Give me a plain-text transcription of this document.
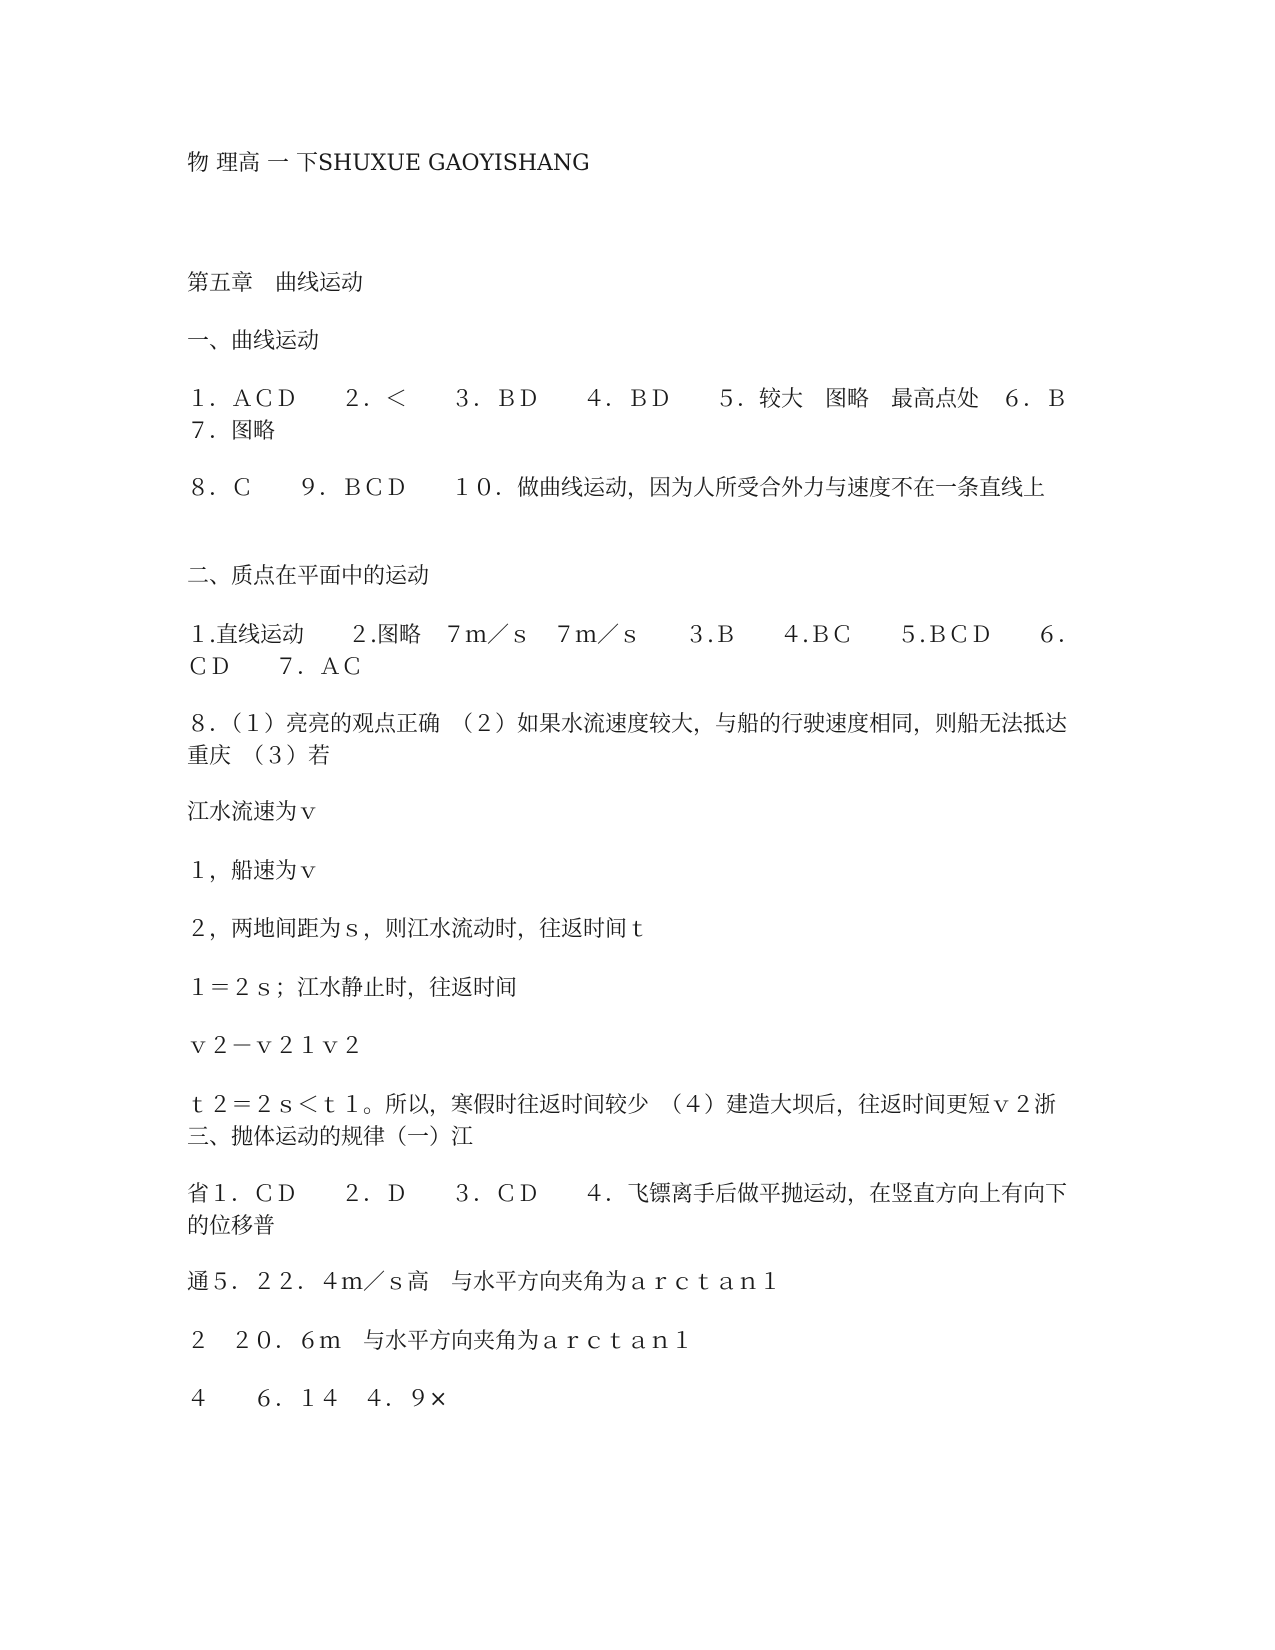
物 理高 一 下SHUXUE GAOYISHANG
第五章　曲线运动
一、曲线运动
１．ＡＣＤ　　２．＜　　３．ＢＤ　　４．ＢＤ　　５．较大　图略　最高点处　６．Ｂ　　７．图略
８．Ｃ　　９．ＢＣＤ　　１０．做曲线运动，因为人所受合外力与速度不在一条直线上
二、质点在平面中的运动
１.直线运动　　２.图略　７ｍ／ｓ　７ｍ／ｓ　　３.Ｂ　　４.ＢＣ　　５.ＢＣＤ　　６．ＣＤ　　７．ＡＣ
８．（１）亮亮的观点正确　（２）如果水流速度较大，与船的行驶速度相同，则船无法抵达重庆　（３）若
江水流速为ｖ
１，船速为ｖ
２，两地间距为ｓ，则江水流动时，往返时间ｔ
１＝２ｓ；江水静止时，往返时间
ｖ２－ｖ２１ｖ２
ｔ２＝２ｓ＜ｔ１。所以，寒假时往返时间较少　（４）建造大坝后，往返时间更短ｖ２浙三、抛体运动的规律（一）江
省１．ＣＤ　　２．Ｄ　　３．ＣＤ　　４．飞镖离手后做平抛运动，在竖直方向上有向下的位移普
通５．２２．４ｍ／ｓ高　与水平方向夹角为ａｒｃｔａｎ１
２　２０．６ｍ　与水平方向夹角为ａｒｃｔａｎ１
４　　６．１４　４．９×
